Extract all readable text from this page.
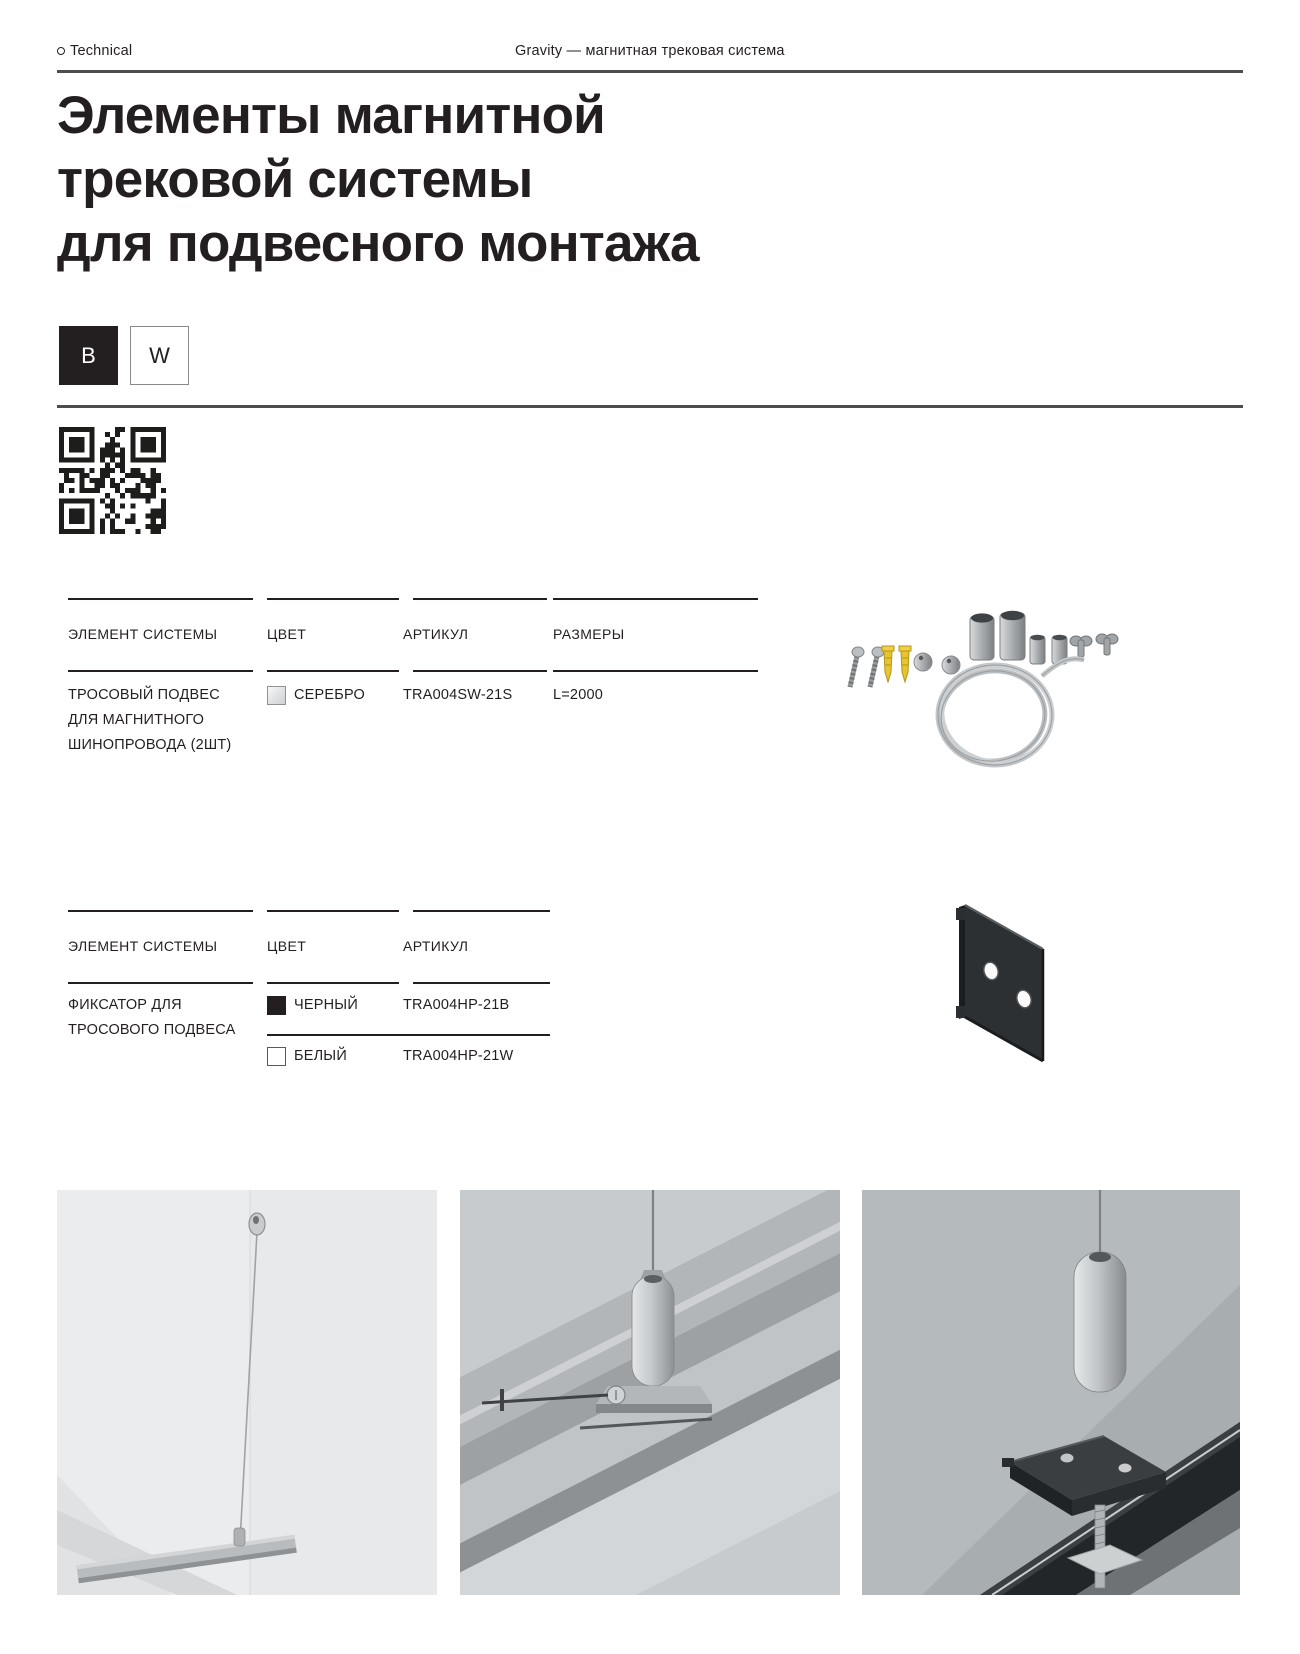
Technical	Gravity — магнитная трековая система
Элементы магнитной
трековой системы
для подвесного монтажа
B W
ЭЛЕМЕНТ СИСТЕМЫ	ЦВЕТ	АРТИКУЛ	РАЗМЕРЫ
ТРОСОВЫЙ ПОДВЕС
ДЛЯ МАГНИТНОГО
ШИНОПРОВОДА (2ШТ)
СЕРЕБРО	TRA004SW-21S	L=2000
ЭЛЕМЕНТ СИСТЕМЫ	ЦВЕТ	АРТИКУЛ
ФИКСАТОР ДЛЯ
ТРОСОВОГО ПОДВЕСА
ЧЕРНЫЙ	TRA004HP-21B
БЕЛЫЙ	TRA004HP-21W
